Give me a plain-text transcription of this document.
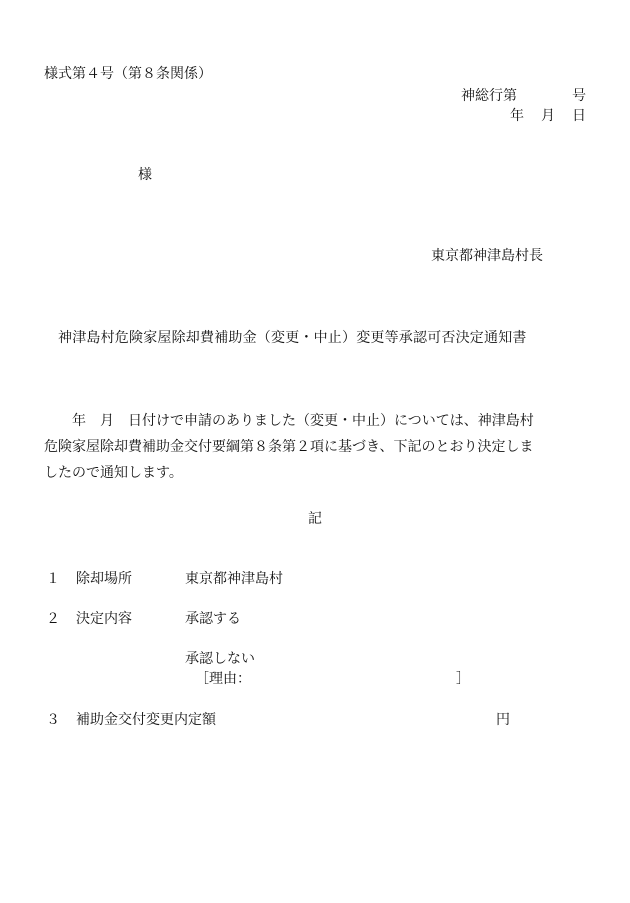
様式第４号（第８条関係）
神総行第	号
年 月 日
様
東京都神津島村長
神津島村危険家屋除却費補助金（変更・中止）変更等承認可否決定通知書
　　年　月　日付けで申請のありました（変更・中止）については、神津島村
危険家屋除却費補助金交付要綱第８条第２項に基づき、下記のとおり決定しま
したので通知します。
記
１ 除却場所	東京都神津島村
２ 決定内容	承認する
承認しない
［理由：	］
３ 補助金交付変更内定額	円
